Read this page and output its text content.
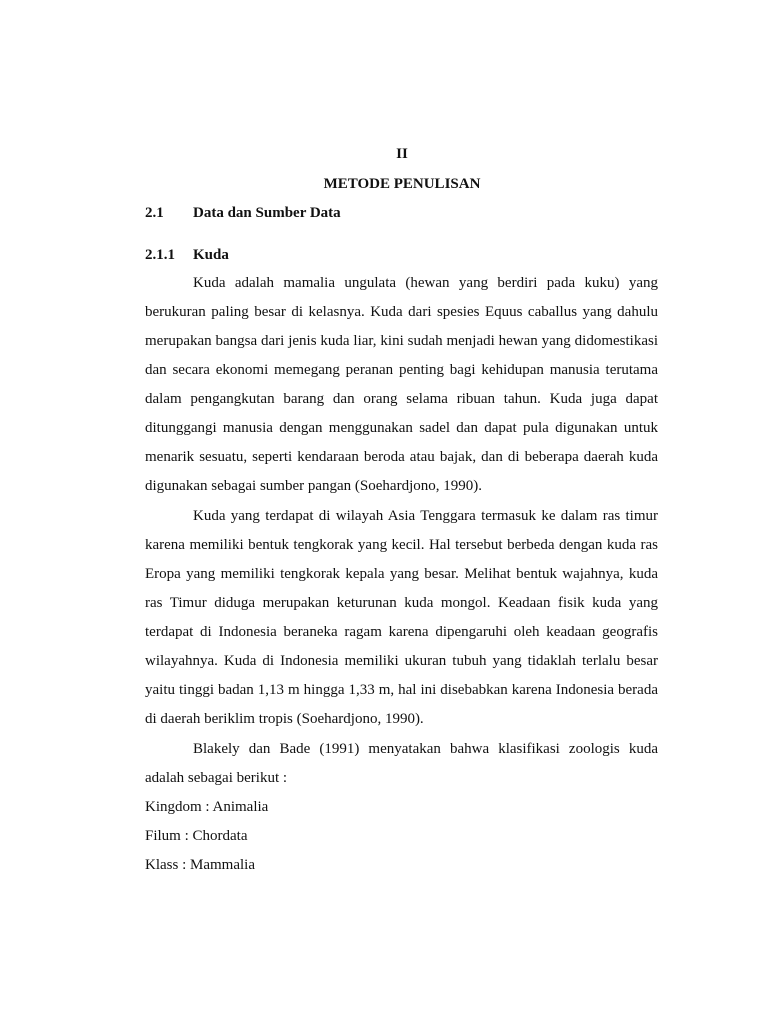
II
METODE PENULISAN
2.1 Data dan Sumber Data
2.1.1 Kuda

Kuda adalah mamalia ungulata (hewan yang berdiri pada kuku) yang berukuran paling besar di kelasnya. Kuda dari spesies Equus caballus yang dahulu merupakan bangsa dari jenis kuda liar, kini sudah menjadi hewan yang didomestikasi dan secara ekonomi memegang peranan penting bagi kehidupan manusia terutama dalam pengangkutan barang dan orang selama ribuan tahun. Kuda juga dapat ditunggangi manusia dengan menggunakan sadel dan dapat pula digunakan untuk menarik sesuatu, seperti kendaraan beroda atau bajak, dan di beberapa daerah kuda digunakan sebagai sumber pangan (Soehardjono, 1990).

Kuda yang terdapat di wilayah Asia Tenggara termasuk ke dalam ras timur karena memiliki bentuk tengkorak yang kecil. Hal tersebut berbeda dengan kuda ras Eropa yang memiliki tengkorak kepala yang besar. Melihat bentuk wajahnya, kuda ras Timur diduga merupakan keturunan kuda mongol. Keadaan fisik kuda yang terdapat di Indonesia beraneka ragam karena dipengaruhi oleh keadaan geografis wilayahnya. Kuda di Indonesia memiliki ukuran tubuh yang tidaklah terlalu besar yaitu tinggi badan 1,13 m hingga 1,33 m, hal ini disebabkan karena Indonesia berada di daerah beriklim tropis (Soehardjono, 1990).

Blakely dan Bade (1991) menyatakan bahwa klasifikasi zoologis kuda adalah sebagai berikut :

Kingdom : Animalia
Filum : Chordata
Klass : Mammalia
